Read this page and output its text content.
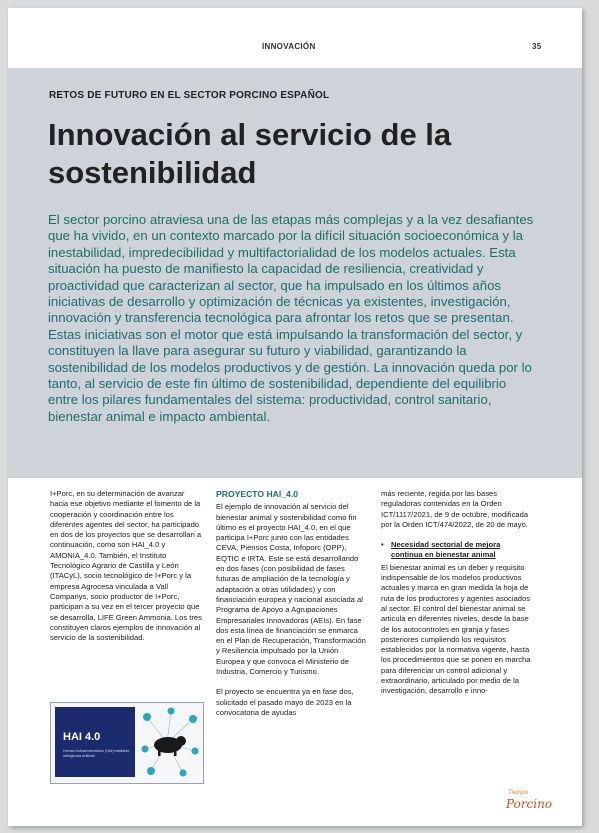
INNOVACIÓN	35
RETOS DE FUTURO EN EL SECTOR PORCINO ESPAÑOL
Innovación al servicio de la sostenibilidad

El sector porcino atraviesa una de las etapas más complejas y a la vez desafiantes que ha vivido, en un contexto marcado por la difícil situación socioeconómica y la inestabilidad, impredecibilidad y multifactorialidad de los modelos actuales. Esta situación ha puesto de manifiesto la capacidad de resiliencia, creatividad y proactividad que caracterizan al sector, que ha impulsado en los últimos años iniciativas de desarrollo y optimización de técnicas ya existentes, investigación, innovación y transferencia tecnológica para afrontar los retos que se presentan. Estas iniciativas son el motor que está impulsando la transformación del sector, y constituyen la llave para asegurar su futuro y viabilidad, garantizando la sostenibilidad de los modelos productivos y de gestión. La innovación queda por lo tanto, al servicio de este fin último de sostenibilidad, dependiente del equilibrio entre los pilares fundamentales del sistema: productividad, control sanitario, bienestar animal e impacto ambiental.

I+Porc, en su determinación de avanzar hacia ese objetivo mediante el fomento de la cooperación y coordinación entre los diferentes agentes del sector, ha participado en dos de los proyectos que se desarrollan a continuación, como son HAI_4.0 y AMONIA_4.0. También, el Instituto Tecnológico Agrario de Castilla y León (ITACyL), socio tecnológico de I+Porc y la empresa Agrocesa vinculada a Vall Companys, socio productor de I+Porc, participan a su vez en el tercer proyecto que se desarrolla, LIFE Green Ammonia. Los tres constituyen claros ejemplos de innovación al servicio de la sostenibilidad.

HAI 4.0
Human Animal Interaction (HAI) mediante Inteligencia Artificial
PROYECTO HAI_4.0

El ejemplo de innovación al servicio del bienestar animal y sostenibilidad como fin último es el proyecto HAI_4.0, en el que participa I+Porc junto con las entidades CEVA, Piensos Costa, Infoporc (OPP), EQTIC e IRTA. Este se está desarrollando en dos fases (con posibilidad de fases futuras de ampliación de la tecnología y adaptación a otras utilidades) y con financiación europea y nacional asociada al Programa de Apoyo a Agrupaciones Empresariales Innovadoras (AEIs). En fase dos esta línea de financiación se enmarca en el Plan de Recuperación, Transformación y Resiliencia impulsado por la Unión Europea y que convoca el Ministerio de Industria, Comercio y Turismo.

El proyecto se encuentra ya en fase dos, solicitado el pasado mayo de 2023 en la convocatoria de ayudas

más reciente, regida por las bases reguladoras contenidas en la Orden ICT/1117/2021, de 9 de octubre, modificada por la Orden ICT/474/2022, de 20 de mayo.

• Necesidad sectorial de mejora continua en bienestar animal

El bienestar animal es un deber y requisito indispensable de los modelos productivos actuales y marca en gran medida la hoja de ruta de los productores y agentes asociados al sector. El control del bienestar animal se articula en diferentes niveles, desde la base de los autocontroles en granja y fases posteriores cumpliendo los requisitos establecidos por la normativa vigente, hasta los procedimientos que se ponen en marcha para diferenciar un control adicional y extraordinario, articulado por medio de la investigación, desarrollo e inno-

Tiempo
Porcino
